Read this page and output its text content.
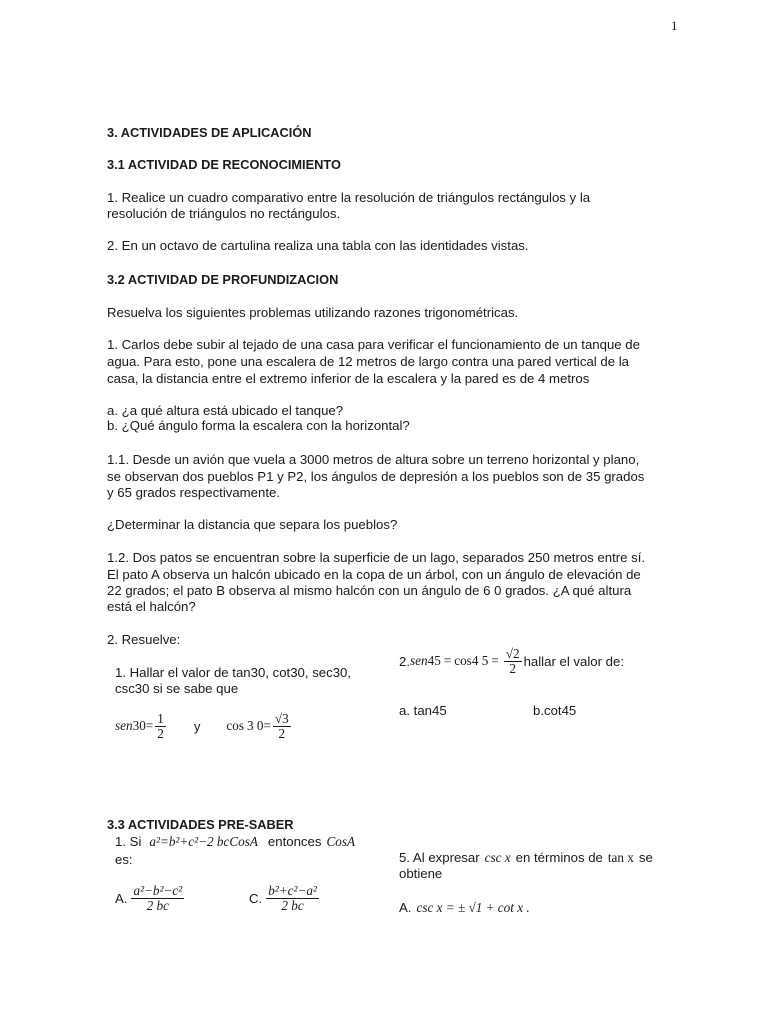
1
3. ACTIVIDADES DE APLICACIÓN
3.1 ACTIVIDAD DE RECONOCIMIENTO
1. Realice un cuadro comparativo entre la resolución de triángulos rectángulos y la
resolución de triángulos no rectángulos.
2. En un octavo de cartulina realiza una tabla con las identidades vistas.
3.2 ACTIVIDAD DE PROFUNDIZACION
Resuelva los siguientes problemas utilizando razones trigonométricas.
1. Carlos debe subir al tejado de una casa para verificar el funcionamiento de un tanque de
agua. Para esto, pone una escalera de 12 metros de largo contra una pared vertical de la
casa, la distancia entre el extremo inferior de la escalera y la pared es de 4 metros
a. ¿a qué altura está ubicado el tanque?
b. ¿Qué ángulo forma la escalera con la horizontal?
1.1. Desde un avión que vuela a 3000 metros de altura sobre un terreno horizontal y plano,
se observan dos pueblos P1 y P2, los ángulos de depresión a los pueblos son de 35 grados
y 65 grados respectivamente.
¿Determinar la distancia que separa los pueblos?
1.2. Dos patos se encuentran sobre la superficie de un lago, separados 250 metros entre sí.
El pato A observa un halcón ubicado en la copa de un árbol, con un ángulo de elevación de
22 grados; el pato B observa al mismo halcón con un ángulo de 6 0 grados. ¿A qué altura
está el halcón?
2. Resuelve:
1. Hallar el valor de tan30, cot30, sec30,
csc30 si se sabe que
sen $30 = \frac{1}{2}$ y cos 3 $0 = \frac{√3}{2}$
2. sen 45 = cos 4 $5 = \frac{√2}{2}$ hallar el valor de:
a. tan45	b.cot45
3.3 ACTIVIDADES PRE-SABER
1. Si a²=b²+c²−2 bcCosA entonces CosA
es:
A. $\frac{\text{a²−b²−c²}}{2 bc}$	C. $\frac{\text{b²+c²−a²}}{2 bc}$
5. Al expresar csc x en términos de tan x se
obtiene
A. csc x = ± √1 + cot x .
